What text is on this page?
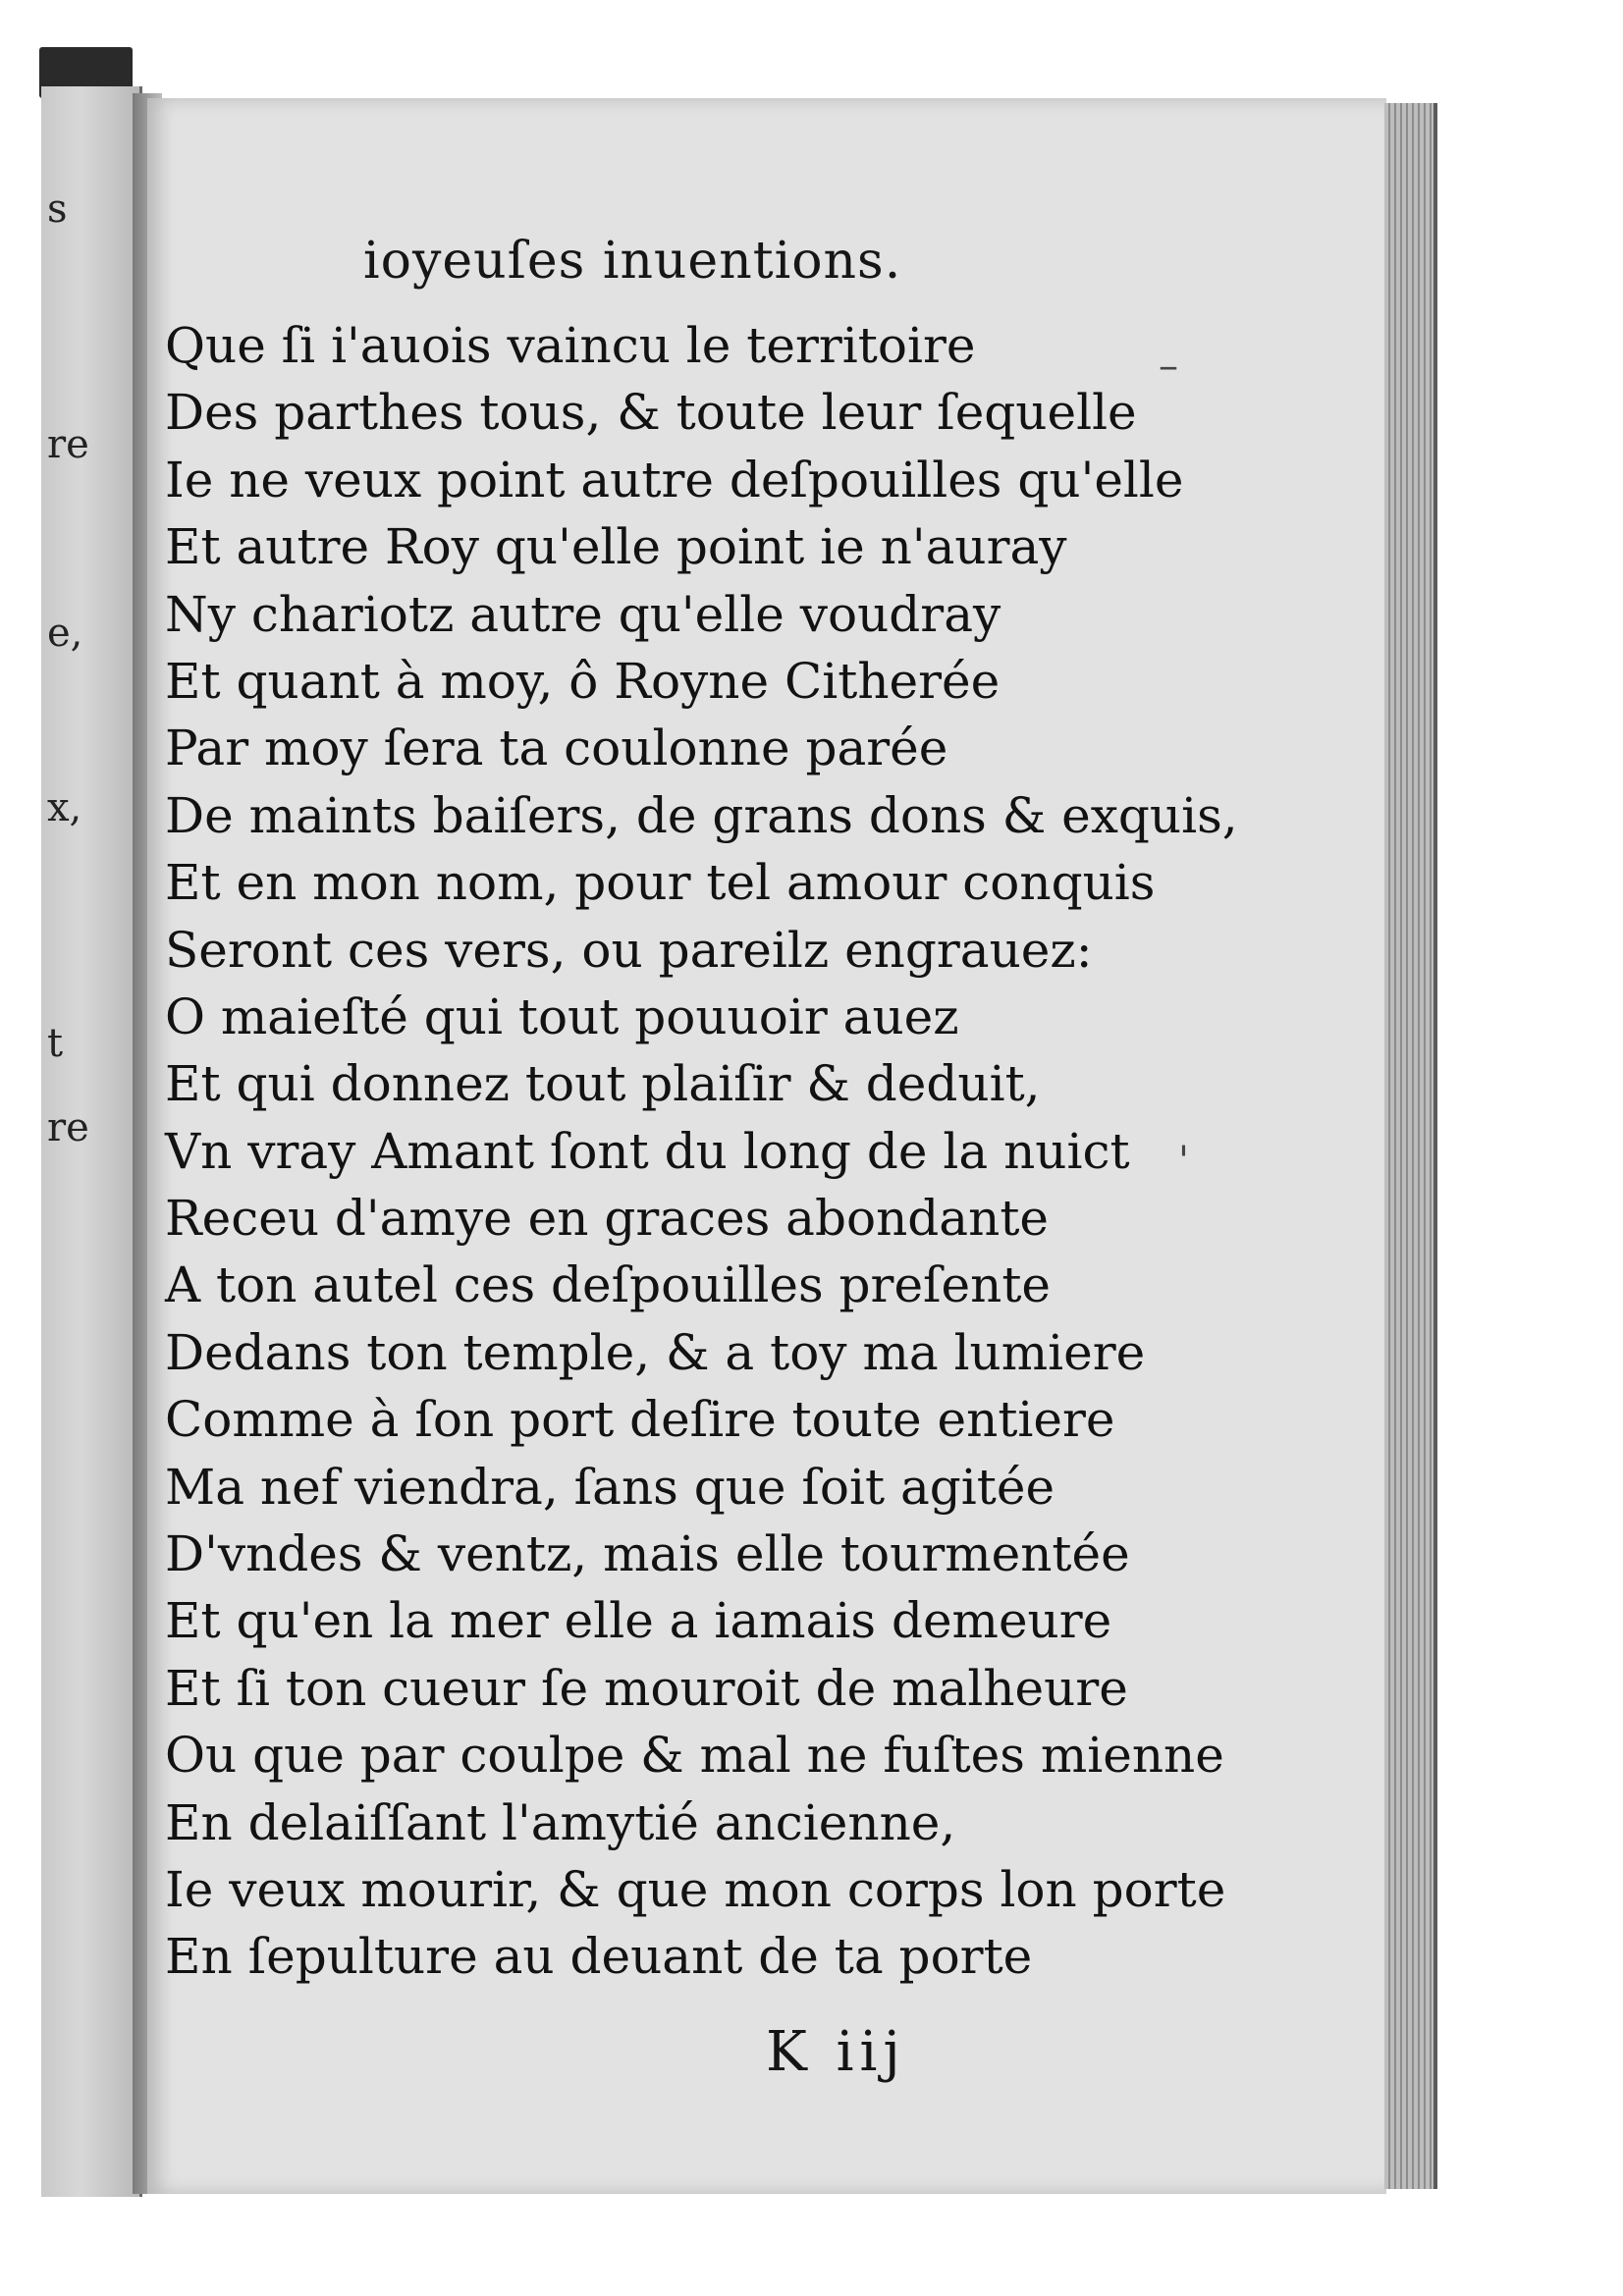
s
re
e,
x,
t
re
ioyeuſes inuentions.
Que ſi i'auois vaincu le territoire
Des parthes tous, & toute leur ſequelle
Ie ne veux point autre deſpouilles qu'elle
Et autre Roy qu'elle point ie n'auray
Ny chariotz autre qu'elle voudray
Et quant à moy, ô Royne Citherée
Par moy ſera ta coulonne parée
De maints baiſers, de grans dons & exquis,
Et en mon nom, pour tel amour conquis
Seront ces vers, ou pareilz engrauez:
O maieſté qui tout pouuoir auez
Et qui donnez tout plaiſir & deduit,
Vn vray Amant ſont du long de la nuict
Receu d'amye en graces abondante
A ton autel ces deſpouilles preſente
Dedans ton temple, & a toy ma lumiere
Comme à ſon port deſire toute entiere
Ma nef viendra, ſans que ſoit agitée
D'vndes & ventz, mais elle tourmentée
Et qu'en la mer elle a iamais demeure
Et ſi ton cueur ſe mouroit de malheure
Ou que par coulpe & mal ne fuſtes mienne
En delaiſſant l'amytié ancienne,
Ie veux mourir, & que mon corps lon porte
En ſepulture au deuant de ta porte
K iij
–
'
